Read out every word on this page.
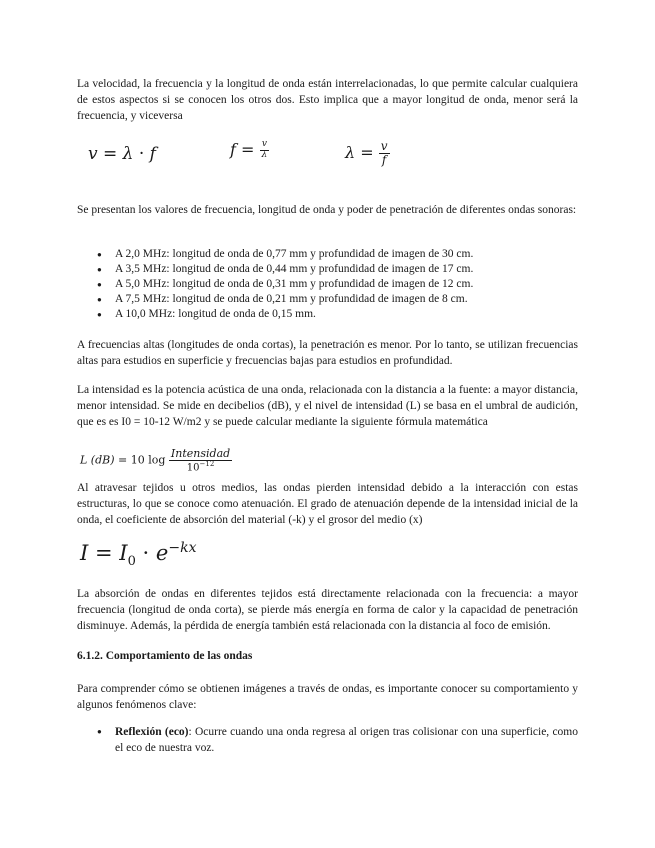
La velocidad, la frecuencia y la longitud de onda están interrelacionadas, lo que permite calcular cualquiera de estos aspectos si se conocen los otros dos. Esto implica que a mayor longitud de onda, menor será la frecuencia, y viceversa

v = λ · f	$f = \frac{v}{\lambda}$	$\lambda = \frac{v}{f}$

Se presentan los valores de frecuencia, longitud de onda y poder de penetración de diferentes ondas sonoras:

● A 2,0 MHz: longitud de onda de 0,77 mm y profundidad de imagen de 30 cm.
● A 3,5 MHz: longitud de onda de 0,44 mm y profundidad de imagen de 17 cm.
● A 5,0 MHz: longitud de onda de 0,31 mm y profundidad de imagen de 12 cm.
● A 7,5 MHz: longitud de onda de 0,21 mm y profundidad de imagen de 8 cm.
● A 10,0 MHz: longitud de onda de 0,15 mm.

A frecuencias altas (longitudes de onda cortas), la penetración es menor. Por lo tanto, se utilizan frecuencias altas para estudios en superficie y frecuencias bajas para estudios en profundidad.

La intensidad es la potencia acústica de una onda, relacionada con la distancia a la fuente: a mayor distancia, menor intensidad. Se mide en decibelios (dB), y el nivel de intensidad (L) se basa en el umbral de audición, que es es I0 = 10-12 W/m2 y se puede calcular mediante la siguiente fórmula matemática

L (dB) = 10 $\log \frac{\text{Intensidad}}{10^{-12}}$

Al atravesar tejidos u otros medios, las ondas pierden intensidad debido a la interacción con estas estructuras, lo que se conoce como atenuación. El grado de atenuación depende de la intensidad inicial de la onda, el coeficiente de absorción del material (-k) y el grosor del medio (x)

$I = I_0 \cdot e^{-kx}$

La absorción de ondas en diferentes tejidos está directamente relacionada con la frecuencia: a mayor frecuencia (longitud de onda corta), se pierde más energía en forma de calor y la capacidad de penetración disminuye. Además, la pérdida de energía también está relacionada con la distancia al foco de emisión.

6.1.2. Comportamiento de las ondas

Para comprender cómo se obtienen imágenes a través de ondas, es importante conocer su comportamiento y algunos fenómenos clave:

● Reflexión (eco): Ocurre cuando una onda regresa al origen tras colisionar con una superficie, como el eco de nuestra voz.
